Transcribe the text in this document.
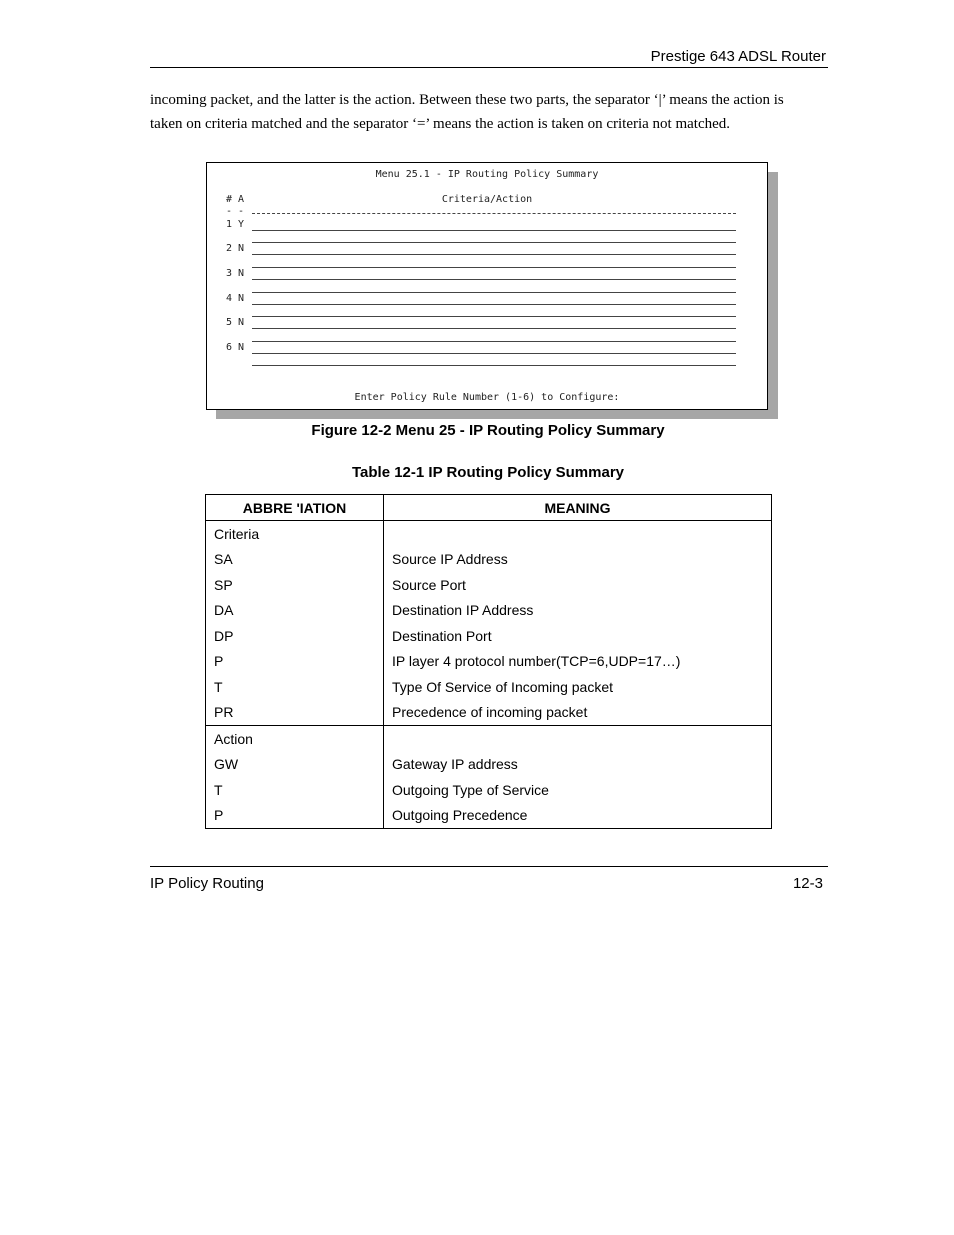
Prestige 643 ADSL Router

incoming packet, and the latter is the action. Between these two parts, the separator ‘|’ means the action is
taken on criteria matched and the separator ‘=’ means the action is taken on criteria not matched.

Menu 25.1 - IP Routing Policy Summary
# A	Criteria/Action
- -
1 Y
2 N
3 N
4 N
5 N
6 N
Enter Policy Rule Number (1-6) to Configure:
Figure 12-2 Menu 25 - IP Routing Policy Summary
Table 12-1 IP Routing Policy Summary
ABBRE 'IATION	MEANING
Criteria	
SA	Source IP Address
SP	Source Port
DA	Destination IP Address
DP	Destination Port
P	IP layer 4 protocol number(TCP=6,UDP=17…)
T	Type Of Service of Incoming packet
PR	Precedence of incoming packet
Action	
GW	Gateway IP address
T	Outgoing Type of Service
P	Outgoing Precedence
IP Policy Routing	12-3
